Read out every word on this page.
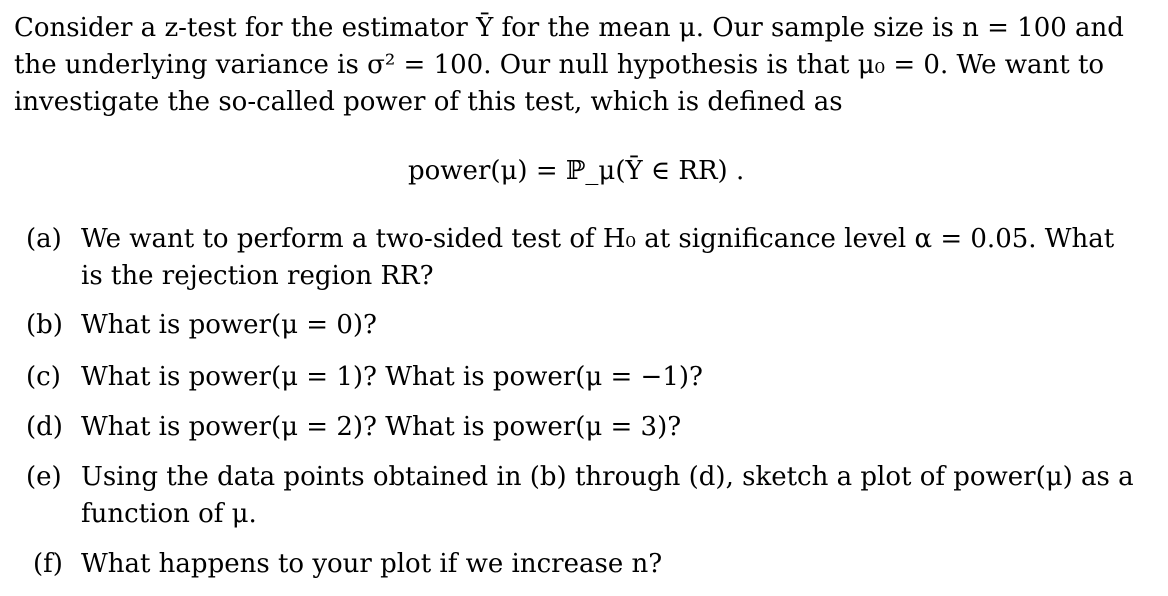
Consider a z-test for the estimator Ȳ for the mean μ. Our sample size is n = 100 and
the underlying variance is σ² = 100. Our null hypothesis is that μ₀ = 0. We want to
investigate the so-called power of this test, which is defined as
power(μ) = ℙ_μ(Ȳ ∈ RR) .
(a) We want to perform a two-sided test of H₀ at significance level α = 0.05. What
is the rejection region RR?
(b) What is power(μ = 0)?
(c) What is power(μ = 1)? What is power(μ = −1)?
(d) What is power(μ = 2)? What is power(μ = 3)?
(e) Using the data points obtained in (b) through (d), sketch a plot of power(μ) as a
function of μ.
(f) What happens to your plot if we increase n?
